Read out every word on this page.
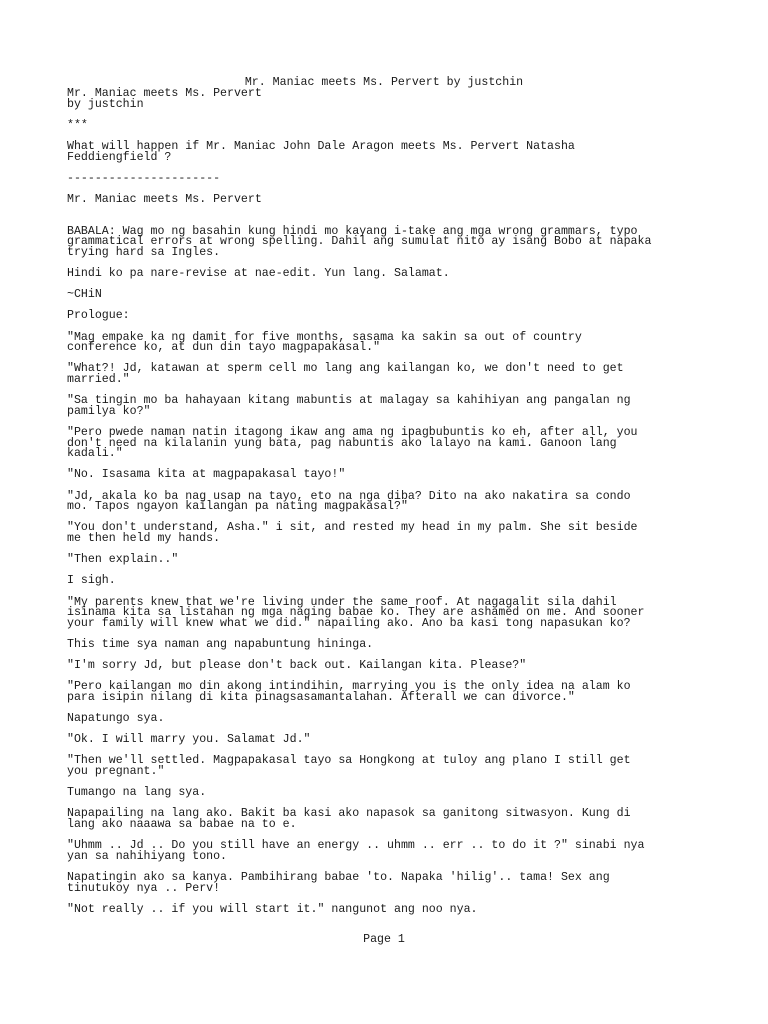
Mr. Maniac meets Ms. Pervert by justchin
Mr. Maniac meets Ms. Pervert
by justchin
***
What will happen if Mr. Maniac John Dale Aragon meets Ms. Pervert Natasha
Feddiengfield ?
----------------------
Mr. Maniac meets Ms. Pervert
BABALA: Wag mo ng basahin kung hindi mo kayang i-take ang mga wrong grammars, typo
grammatical errors at wrong spelling. Dahil ang sumulat nito ay isang Bobo at napaka
trying hard sa Ingles.
Hindi ko pa nare-revise at nae-edit. Yun lang. Salamat.
~CHiN
Prologue:
"Mag empake ka ng damit for five months, sasama ka sakin sa out of country
conference ko, at dun din tayo magpapakasal."
"What?! Jd, katawan at sperm cell mo lang ang kailangan ko, we don't need to get
married."
"Sa tingin mo ba hahayaan kitang mabuntis at malagay sa kahihiyan ang pangalan ng
pamilya ko?"
"Pero pwede naman natin itagong ikaw ang ama ng ipagbubuntis ko eh, after all, you
don't need na kilalanin yung bata, pag nabuntis ako lalayo na kami. Ganoon lang
kadali."
"No. Isasama kita at magpapakasal tayo!"
"Jd, akala ko ba nag usap na tayo, eto na nga diba? Dito na ako nakatira sa condo
mo. Tapos ngayon kailangan pa nating magpakasal?"
"You don't understand, Asha." i sit, and rested my head in my palm. She sit beside
me then held my hands.
"Then explain.."
I sigh.
"My parents knew that we're living under the same roof. At nagagalit sila dahil
isinama kita sa listahan ng mga naging babae ko. They are ashamed on me. And sooner
your family will knew what we did." napailing ako. Ano ba kasi tong napasukan ko?
This time sya naman ang napabuntung hininga.
"I'm sorry Jd, but please don't back out. Kailangan kita. Please?"
"Pero kailangan mo din akong intindihin, marrying you is the only idea na alam ko
para isipin nilang di kita pinagsasamantalahan. Afterall we can divorce."
Napatungo sya.
"Ok. I will marry you. Salamat Jd."
"Then we'll settled. Magpapakasal tayo sa Hongkong at tuloy ang plano I still get
you pregnant."
Tumango na lang sya.
Napapailing na lang ako. Bakit ba kasi ako napasok sa ganitong sitwasyon. Kung di
lang ako naaawa sa babae na to e.
"Uhmm .. Jd .. Do you still have an energy .. uhmm .. err .. to do it ?" sinabi nya
yan sa nahihiyang tono.
Napatingin ako sa kanya. Pambihirang babae 'to. Napaka 'hilig'.. tama! Sex ang
tinutukoy nya .. Perv!
"Not really .. if you will start it." nangunot ang noo nya.
Page 1
